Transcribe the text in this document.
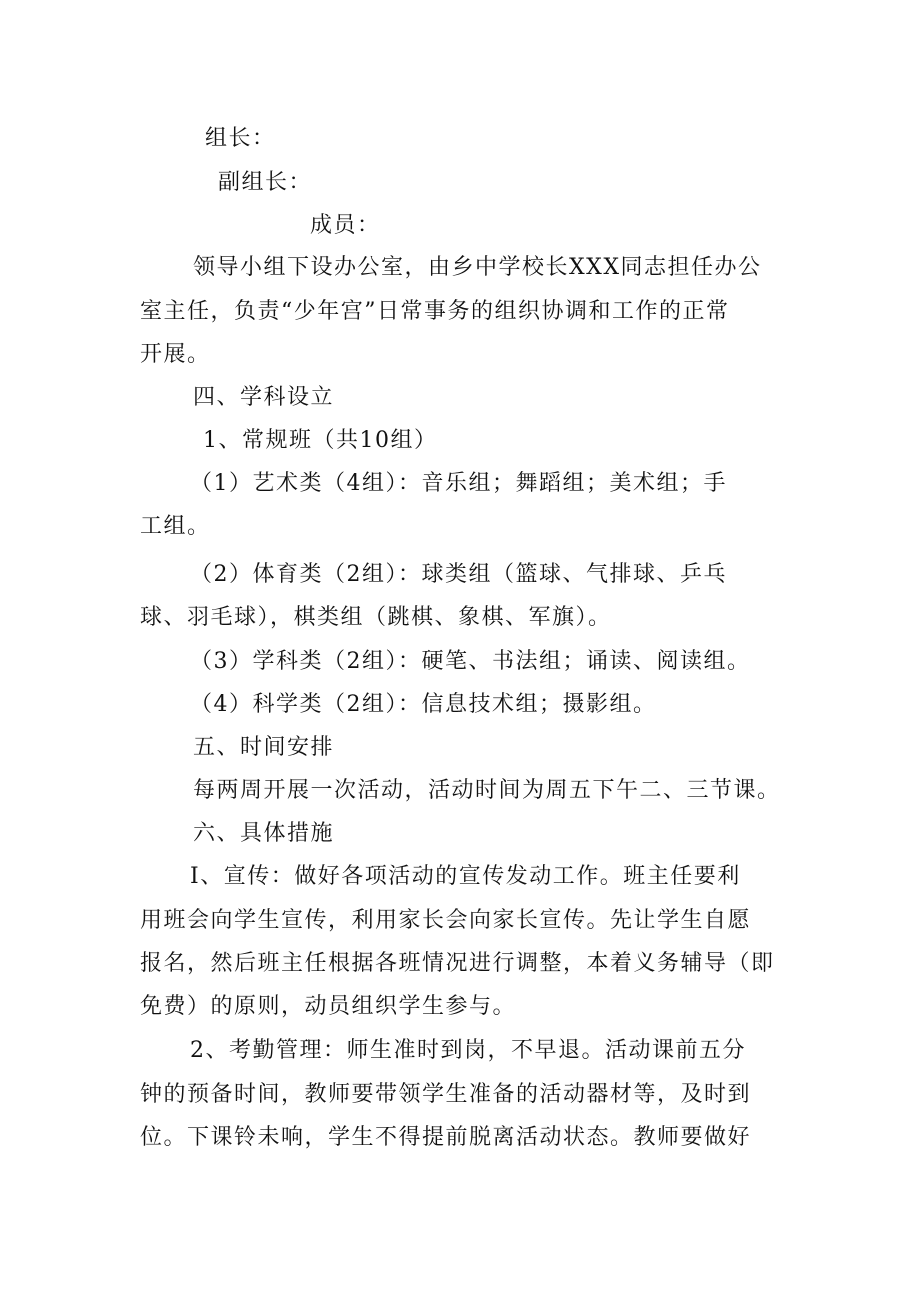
组长：
副组长：
成员：
领导小组下设办公室，由乡中学校长XXX同志担任办公
室主任，负责“少年宫”日常事务的组织协调和工作的正常
开展。
四、学科设立
1、常规班（共10组）
（1）艺术类（4组）：音乐组；舞蹈组；美术组；手
工组。
（2）体育类（2组）：球类组（篮球、气排球、乒乓
球、羽毛球），棋类组（跳棋、象棋、军旗）。
（3）学科类（2组）：硬笔、书法组；诵读、阅读组。
（4）科学类（2组）：信息技术组；摄影组。
五、时间安排
每两周开展一次活动，活动时间为周五下午二、三节课。
六、具体措施
I、宣传：做好各项活动的宣传发动工作。班主任要利
用班会向学生宣传，利用家长会向家长宣传。先让学生自愿
报名，然后班主任根据各班情况进行调整，本着义务辅导（即
免费）的原则，动员组织学生参与。
2、考勤管理：师生准时到岗，不早退。活动课前五分
钟的预备时间，教师要带领学生准备的活动器材等，及时到
位。下课铃未响，学生不得提前脱离活动状态。教师要做好
